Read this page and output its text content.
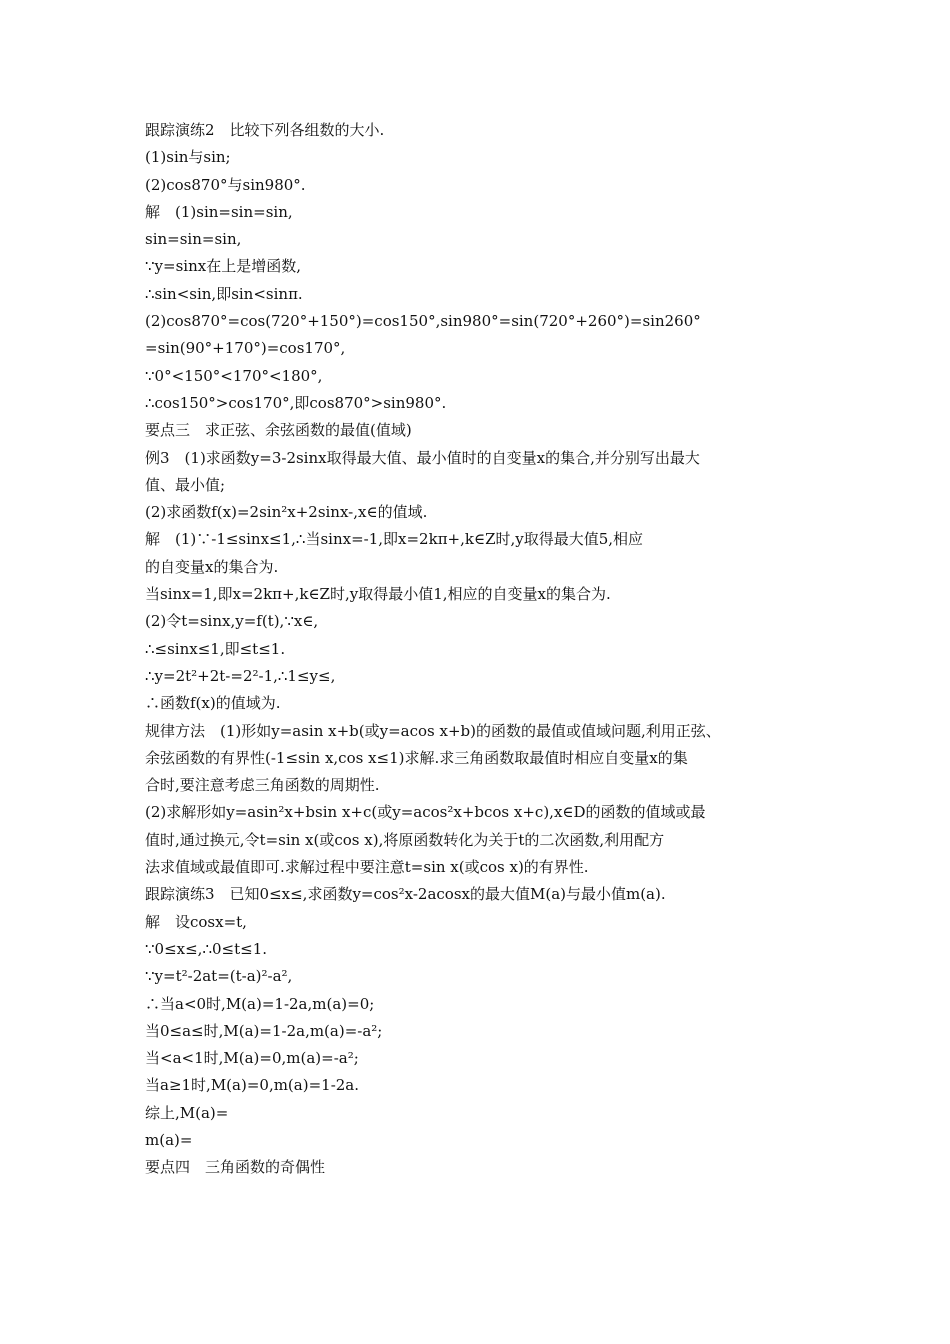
跟踪演练2　比较下列各组数的大小.
(1)sin与sin;
(2)cos870°与sin980°.
解　(1)sin=sin=sin,
sin=sin=sin,
∵y=sinx在上是增函数,
∴sin<sin,即sin<sinπ.
(2)cos870°=cos(720°+150°)=cos150°,sin980°=sin(720°+260°)=sin260°
=sin(90°+170°)=cos170°,
∵0°<150°<170°<180°,
∴cos150°>cos170°,即cos870°>sin980°.
要点三　求正弦、余弦函数的最值(值域)
例3　(1)求函数y=3-2sinx取得最大值、最小值时的自变量x的集合,并分别写出最大
值、最小值;
(2)求函数f(x)=2sin²x+2sinx-,x∈的值域.
解　(1)∵-1≤sinx≤1,∴当sinx=-1,即x=2kπ+,k∈Z时,y取得最大值5,相应
的自变量x的集合为.
当sinx=1,即x=2kπ+,k∈Z时,y取得最小值1,相应的自变量x的集合为.
(2)令t=sinx,y=f(t),∵x∈,
∴≤sinx≤1,即≤t≤1.
∴y=2t²+2t-=2²-1,∴1≤y≤,
∴函数f(x)的值域为.
规律方法　(1)形如y=asin x+b(或y=acos x+b)的函数的最值或值域问题,利用正弦、
余弦函数的有界性(-1≤sin x,cos x≤1)求解.求三角函数取最值时相应自变量x的集
合时,要注意考虑三角函数的周期性.
(2)求解形如y=asin²x+bsin x+c(或y=acos²x+bcos x+c),x∈D的函数的值域或最
值时,通过换元,令t=sin x(或cos x),将原函数转化为关于t的二次函数,利用配方
法求值域或最值即可.求解过程中要注意t=sin x(或cos x)的有界性.
跟踪演练3　已知0≤x≤,求函数y=cos²x-2acosx的最大值M(a)与最小值m(a).
解　设cosx=t,
∵0≤x≤,∴0≤t≤1.
∵y=t²-2at=(t-a)²-a²,
∴当a<0时,M(a)=1-2a,m(a)=0;
当0≤a≤时,M(a)=1-2a,m(a)=-a²;
当<a<1时,M(a)=0,m(a)=-a²;
当a≥1时,M(a)=0,m(a)=1-2a.
综上,M(a)=
m(a)=
要点四　三角函数的奇偶性
